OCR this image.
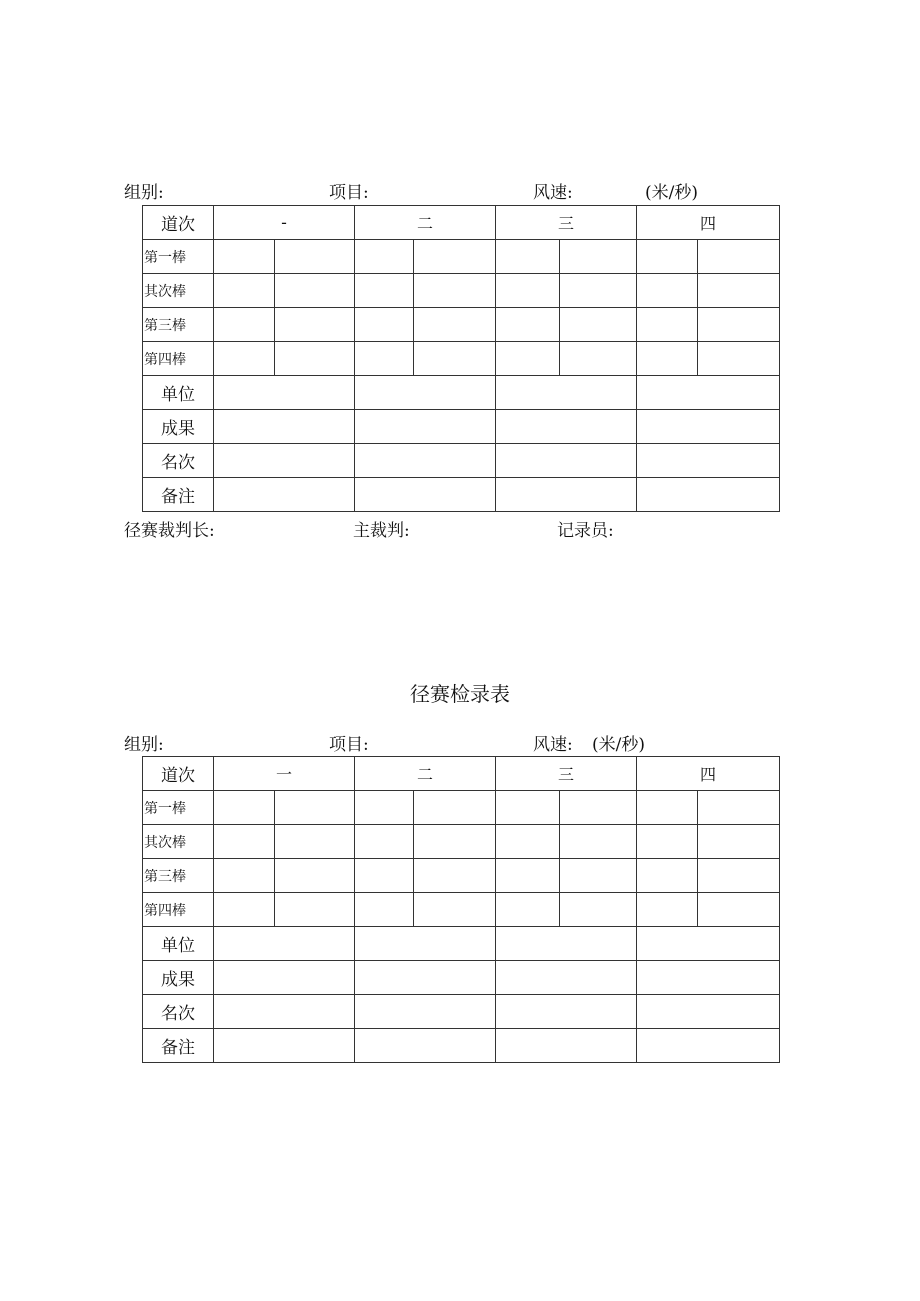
组别:	项目:	风速:	(米/秒)
道次	-		二		三		四	
第一棒								
其次棒								
第三棒								
第四棒								
单位								
成果								
名次								
备注								
径赛裁判长:	主裁判:	记录员:
径赛检录表
组别:	项目:	风速: (米/秒)
道次	一		二		三		四	
第一棒								
其次棒								
第三棒								
第四棒								
单位								
成果								
名次								
备注								
